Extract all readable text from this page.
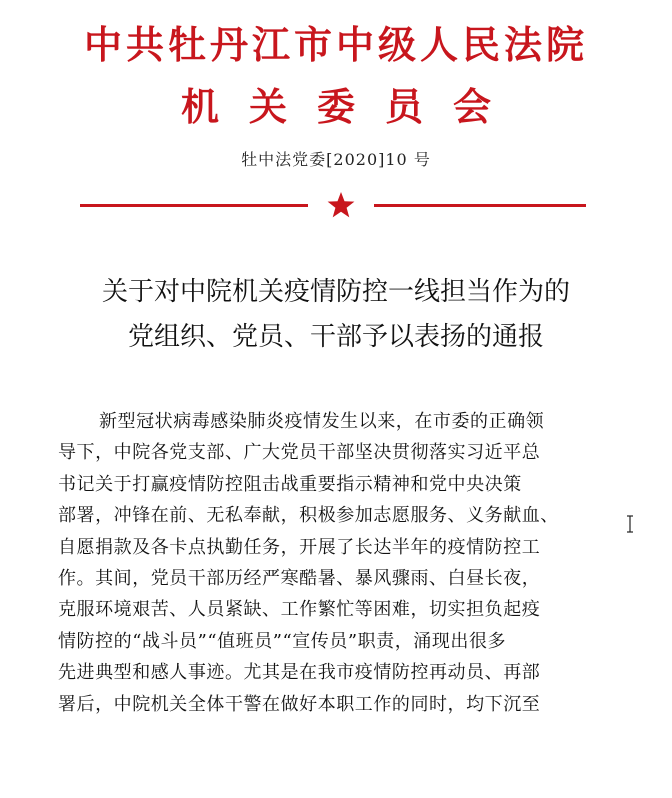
中共牡丹江市中级人民法院
机关委员会
牡中法党委[2020]10 号
关于对中院机关疫情防控一线担当作为的
党组织、党员、干部予以表扬的通报
新型冠状病毒感染肺炎疫情发生以来，在市委的正确领
导下，中院各党支部、广大党员干部坚决贯彻落实习近平总
书记关于打赢疫情防控阻击战重要指示精神和党中央决策
部署，冲锋在前、无私奉献，积极参加志愿服务、义务献血、
自愿捐款及各卡点执勤任务，开展了长达半年的疫情防控工
作。其间，党员干部历经严寒酷暑、暴风骤雨、白昼长夜，
克服环境艰苦、人员紧缺、工作繁忙等困难，切实担负起疫
情防控的“战斗员”“值班员”“宣传员”职责，涌现出很多
先进典型和感人事迹。尤其是在我市疫情防控再动员、再部
署后，中院机关全体干警在做好本职工作的同时，均下沉至
